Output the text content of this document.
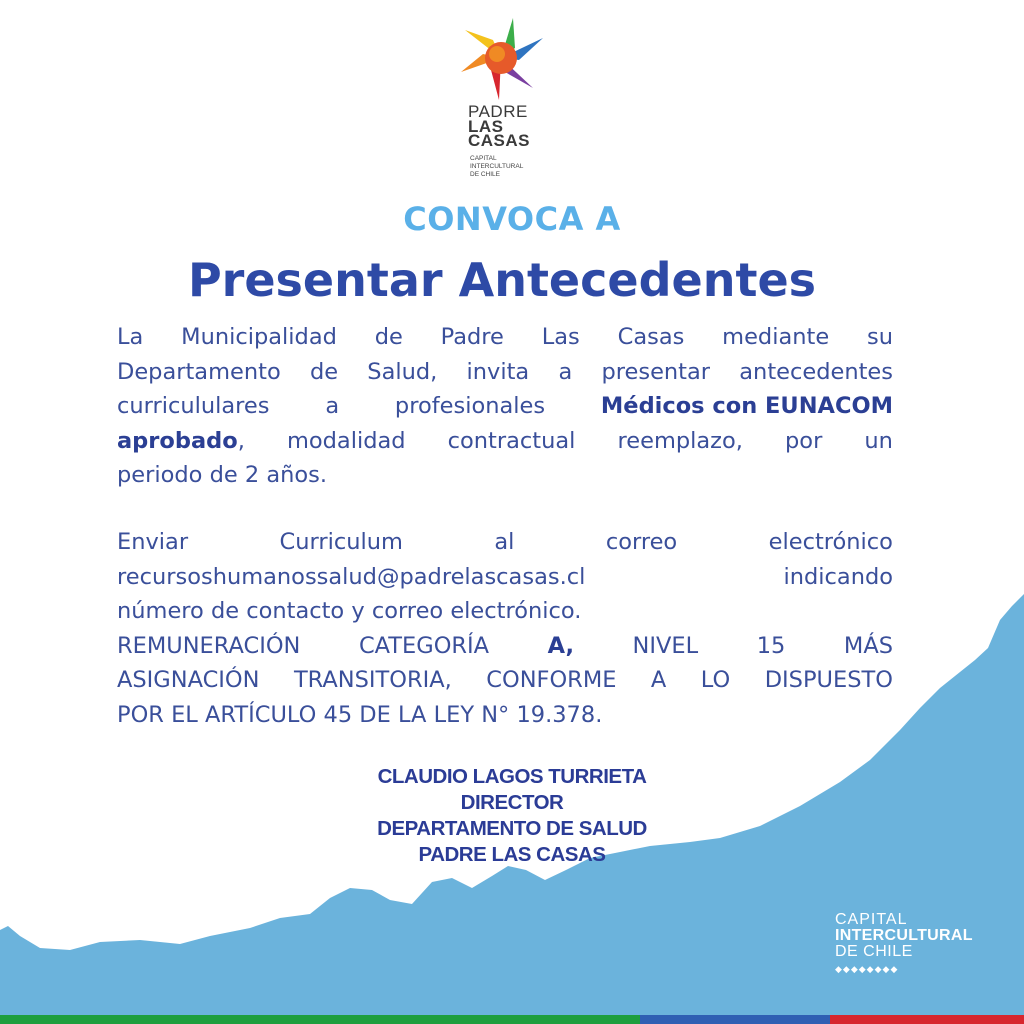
PADRE
LAS
CASAS
CAPITAL
INTERCULTURAL
DE CHILE
CONVOCA A
Presentar Antecedentes
La Municipalidad de Padre Las Casas mediante su
Departamento de Salud, invita a presentar antecedentes
curricululares a profesionales Médicos con EUNACOM
aprobado, modalidad contractual reemplazo, por un
periodo de 2 años.
Enviar	Curriculum	al	correo	electrónico
recursoshumanossalud@padrelascasas.cl	indicando
número de contacto y correo electrónico.
REMUNERACIÓN	CATEGORÍA	A,	NIVEL	15	MÁS
ASIGNACIÓN TRANSITORIA, CONFORME A LO DISPUESTO
POR EL ARTÍCULO 45 DE LA LEY N° 19.378.
CLAUDIO LAGOS TURRIETA
DIRECTOR
DEPARTAMENTO DE SALUD
PADRE LAS CASAS
CAPITAL
INTERCULTURAL
DE CHILE
◆◆◆◆◆◆◆◆
